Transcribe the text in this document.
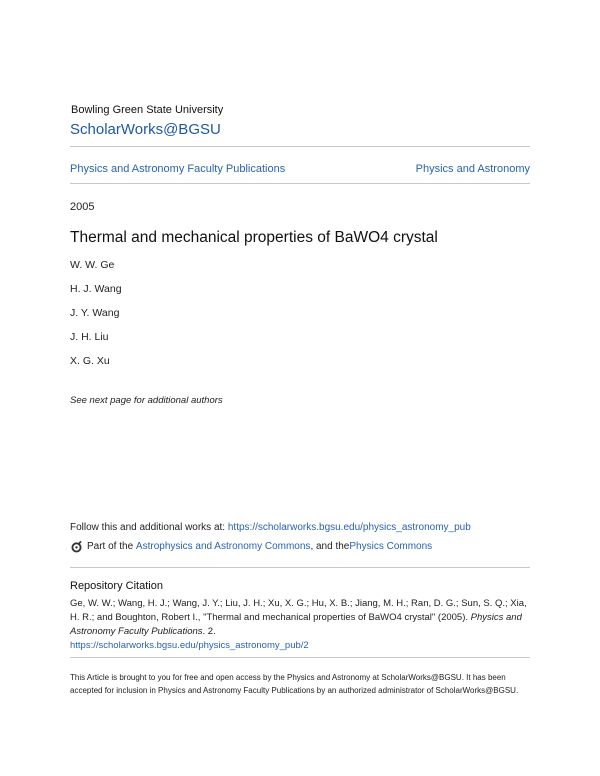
Bowling Green State University
ScholarWorks@BGSU
Physics and Astronomy Faculty Publications	Physics and Astronomy
2005
Thermal and mechanical properties of BaWO4 crystal
W. W. Ge
H. J. Wang
J. Y. Wang
J. H. Liu
X. G. Xu
See next page for additional authors
Follow this and additional works at: https://scholarworks.bgsu.edu/physics_astronomy_pub
Part of the
Astrophysics and Astronomy Commons , and the Physics Commons
Repository Citation
Ge, W. W.; Wang, H. J.; Wang, J. Y.; Liu, J. H.; Xu, X. G.; Hu, X. B.; Jiang, M. H.; Ran, D. G.; Sun, S. Q.; Xia, H. R.; and Boughton, Robert I., "Thermal and mechanical properties of BaWO4 crystal" (2005). Physics and Astronomy Faculty Publications. 2.
https://scholarworks.bgsu.edu/physics_astronomy_pub/2
This Article is brought to you for free and open access by the Physics and Astronomy at ScholarWorks@BGSU. It has been accepted for inclusion in Physics and Astronomy Faculty Publications by an authorized administrator of ScholarWorks@BGSU.
